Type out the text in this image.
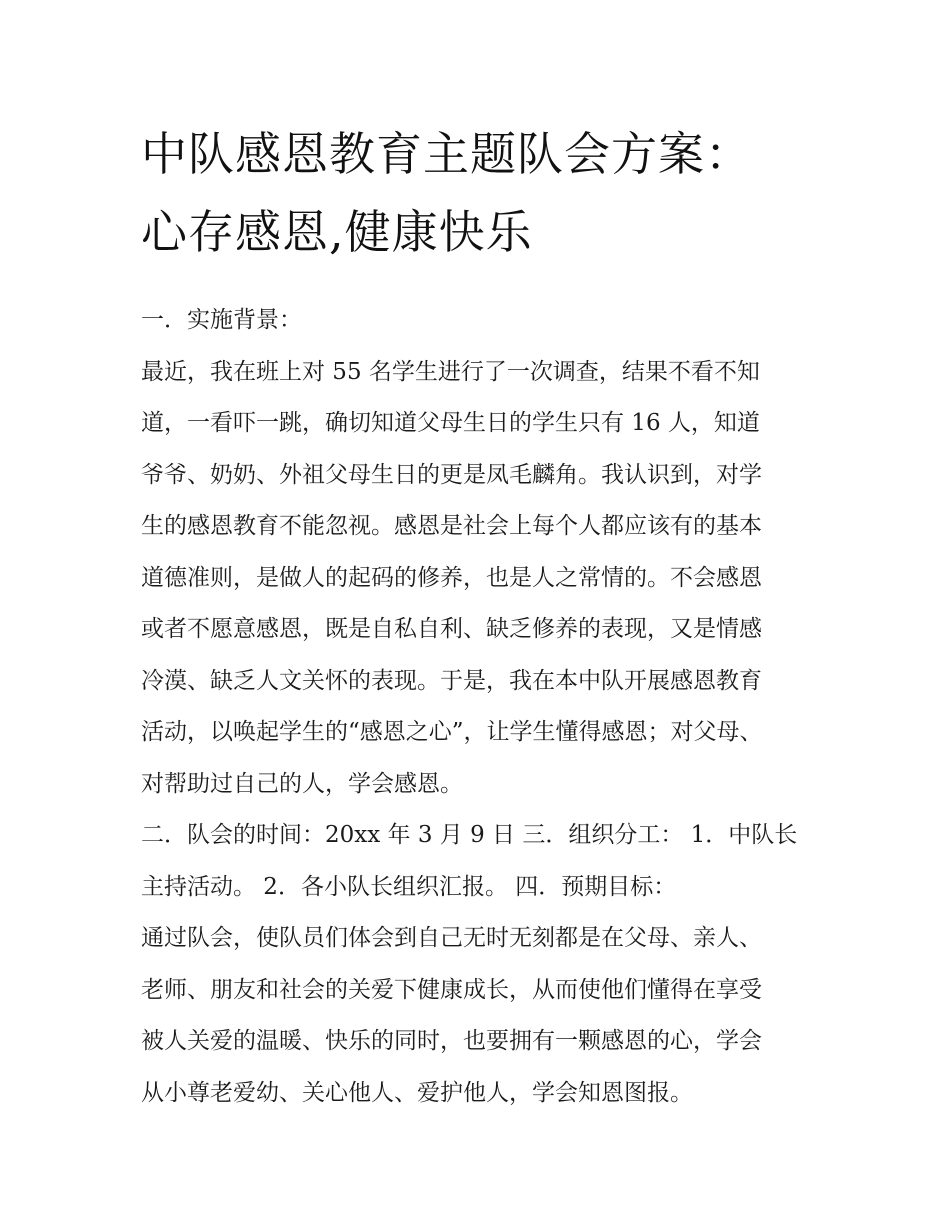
中队感恩教育主题队会方案：
心存感恩,健康快乐
一．实施背景：
最近，我在班上对 55 名学生进行了一次调查，结果不看不知
道，一看吓一跳，确切知道父母生日的学生只有 16 人，知道
爷爷、奶奶、外祖父母生日的更是凤毛麟角。我认识到，对学
生的感恩教育不能忽视。感恩是社会上每个人都应该有的基本
道德准则，是做人的起码的修养，也是人之常情的。不会感恩
或者不愿意感恩，既是自私自利、缺乏修养的表现，又是情感
冷漠、缺乏人文关怀的表现。于是，我在本中队开展感恩教育
活动，以唤起学生的“感恩之心”，让学生懂得感恩；对父母、
对帮助过自己的人，学会感恩。
二．队会的时间：20xx 年 3 月 9 日 三．组织分工： 1．中队长
主持活动。 2．各小队长组织汇报。 四．预期目标：
通过队会，使队员们体会到自己无时无刻都是在父母、亲人、
老师、朋友和社会的关爱下健康成长，从而使他们懂得在享受
被人关爱的温暖、快乐的同时，也要拥有一颗感恩的心，学会
从小尊老爱幼、关心他人、爱护他人，学会知恩图报。
